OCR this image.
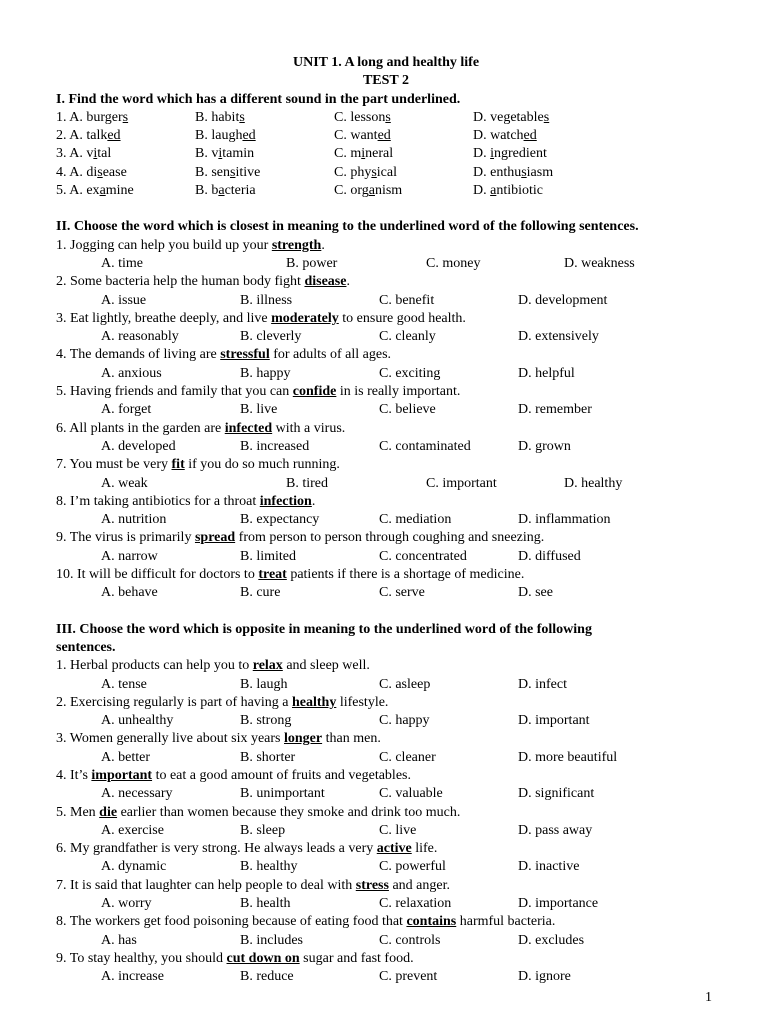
UNIT 1. A long and healthy life
TEST 2
I. Find the word which has a different sound in the part underlined.
1. A. burgers	B. habits	C. lessons	D. vegetables
2. A. talked	B. laughed	C. wanted	D. watched
3. A. vital	B. vitamin	C. mineral	D. ingredient
4. A. disease	B. sensitive	C. physical	D. enthusiasm
5. A. examine	B. bacteria	C. organism	D. antibiotic
II. Choose the word which is closest in meaning to the underlined word of the following sentences.
1. Jogging can help you build up your strength.
A. time	B. power	C. money	D. weakness
2. Some bacteria help the human body fight disease.
A. issue	B. illness	C. benefit	D. development
3. Eat lightly, breathe deeply, and live moderately to ensure good health.
A. reasonably	B. cleverly	C. cleanly	D. extensively
4. The demands of living are stressful for adults of all ages.
A. anxious	B. happy	C. exciting	D. helpful
5. Having friends and family that you can confide in is really important.
A. forget	B. live	C. believe	D. remember
6. All plants in the garden are infected with a virus.
A. developed	B. increased	C. contaminated	D. grown
7. You must be very fit if you do so much running.
A. weak	B. tired	C. important	D. healthy
8. I’m taking antibiotics for a throat infection.
A. nutrition	B. expectancy	C. mediation	D. inflammation
9. The virus is primarily spread from person to person through coughing and sneezing.
A. narrow	B. limited	C. concentrated	D. diffused
10. It will be difficult for doctors to treat patients if there is a shortage of medicine.
A. behave	B. cure	C. serve	D. see
III. Choose the word which is opposite in meaning to the underlined word of the following
sentences.
1. Herbal products can help you to relax and sleep well.
A. tense	B. laugh	C. asleep	D. infect
2. Exercising regularly is part of having a healthy lifestyle.
A. unhealthy	B. strong	C. happy	D. important
3. Women generally live about six years longer than men.
A. better	B. shorter	C. cleaner	D. more beautiful
4. It’s important to eat a good amount of fruits and vegetables.
A. necessary	B. unimportant	C. valuable	D. significant
5. Men die earlier than women because they smoke and drink too much.
A. exercise	B. sleep	C. live	D. pass away
6. My grandfather is very strong. He always leads a very active life.
A. dynamic	B. healthy	C. powerful	D. inactive
7. It is said that laughter can help people to deal with stress and anger.
A. worry	B. health	C. relaxation	D. importance
8. The workers get food poisoning because of eating food that contains harmful bacteria.
A. has	B. includes	C. controls	D. excludes
9. To stay healthy, you should cut down on sugar and fast food.
A. increase	B. reduce	C. prevent	D. ignore
1
